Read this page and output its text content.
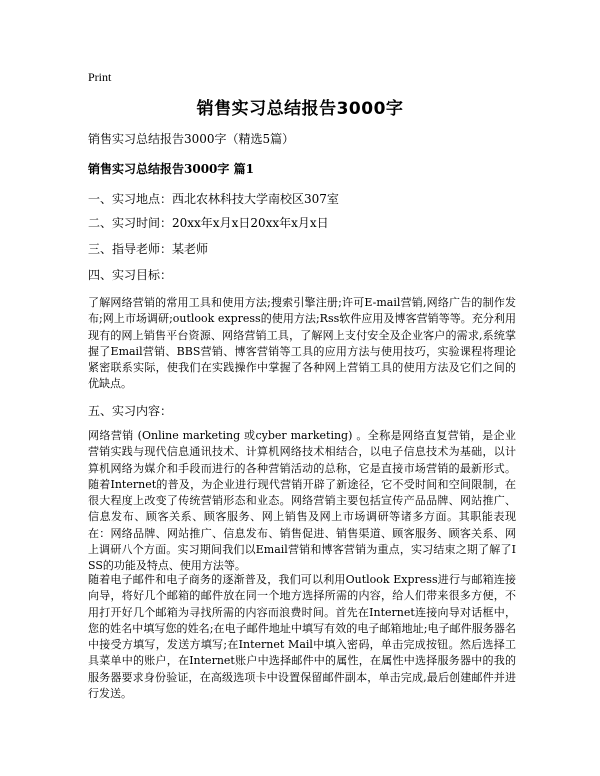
Print
销售实习总结报告3000字
销售实习总结报告3000字（精选5篇）
销售实习总结报告3000字 篇1
一、实习地点：西北农林科技大学南校区307室
二、实习时间：20xx年x月x日20xx年x月x日
三、指导老师：某老师
四、实习目标：
了解网络营销的常用工具和使用方法;搜索引擎注册;许可E-mail营销,网络广告的制作发布;网上市场调研;outlook express的使用方法;Rss软件应用及博客营销等等。充分利用现有的网上销售平台资源、网络营销工具，了解网上支付安全及企业客户的需求,系统掌握了Email营销、BBS营销、博客营销等工具的应用方法与使用技巧，实验课程将理论紧密联系实际，使我们在实践操作中掌握了各种网上营销工具的使用方法及它们之间的优缺点。
五、实习内容：
网络营销 (Online marketing 或cyber marketing) 。全称是网络直复营销，是企业营销实践与现代信息通讯技术、计算机网络技术相结合，以电子信息技术为基础，以计算机网络为媒介和手段而进行的各种营销活动的总称，它是直接市场营销的最新形式。随着Internet的普及，为企业进行现代营销开辟了新途径，它不受时间和空间限制，在很大程度上改变了传统营销形态和业态。网络营销主要包括宣传产品品牌、网站推广、信息发布、顾客关系、顾客服务、网上销售及网上市场调研等诸多方面。其职能表现在：网络品牌、网站推广、信息发布、销售促进、销售渠道、顾客服务、顾客关系、网上调研八个方面。实习期间我们以Email营销和博客营销为重点，实习结束之期了解了ISS的功能及特点、使用方法等。
随着电子邮件和电子商务的逐渐普及，我们可以利用Outlook Express进行与邮箱连接向导，将好几个邮箱的邮件放在同一个地方选择所需的内容，给人们带来很多方便，不用打开好几个邮箱为寻找所需的内容而浪费时间。首先在Internet连接向导对话框中，您的姓名中填写您的姓名;在电子邮件地址中填写有效的电子邮箱地址;电子邮件服务器名中接受方填写，发送方填写;在Internet Mail中填入密码，单击完成按钮。然后选择工具菜单中的账户，在Internet账户中选择邮件中的属性，在属性中选择服务器中的我的服务器要求身份验证，在高级选项卡中设置保留邮件副本，单击完成,最后创建邮件并进行发送。
